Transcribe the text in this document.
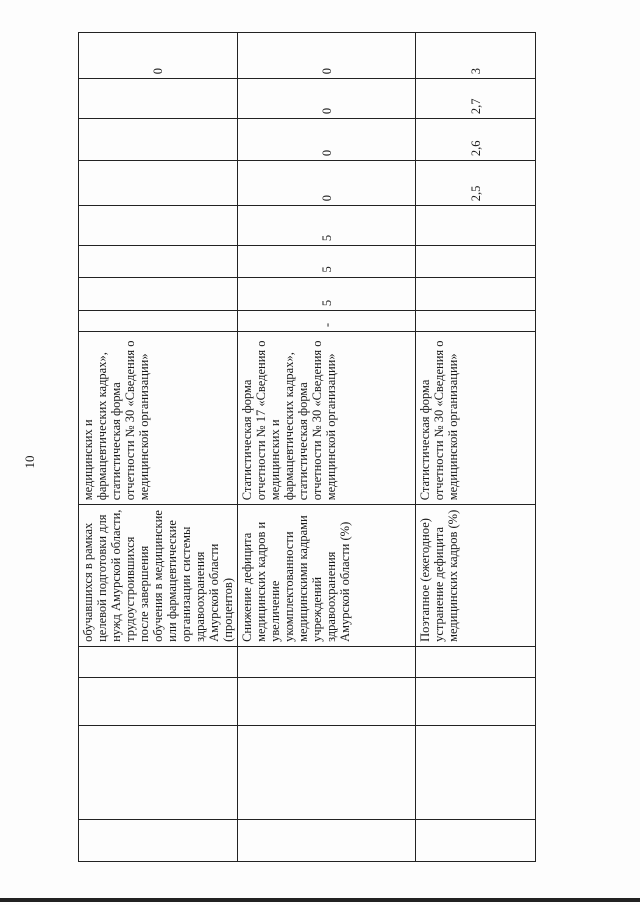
10
				обучавшихся в рамках целевой подготовки для нужд Амурской области, трудоустроившихся после завершения обучения в медицинские или фармацевтические организации системы здравоохранения Амурской области (процентов)	медицинских и фармацевтических кадрах», статистическая форма отчетности № 30 «Сведения о медицинской организации»								0
				Снижение дефицита медицинских кадров и увеличение укомплектованности медицинскими кадрами учреждений здравоохранения Амурской области (%)	Статистическая форма отчетности № 17 «Сведения о медицинских и фармацевтических кадрах», статистическая форма отчетности № 30 «Сведения о медицинской организации»	-	5	5	5	0	0	0	0
				Поэтапное (ежегодное) устранение дефицита медицинских кадров (%)	Статистическая форма отчетности № 30 «Сведения о медицинской организации»					2,5	2,6	2,7	3
